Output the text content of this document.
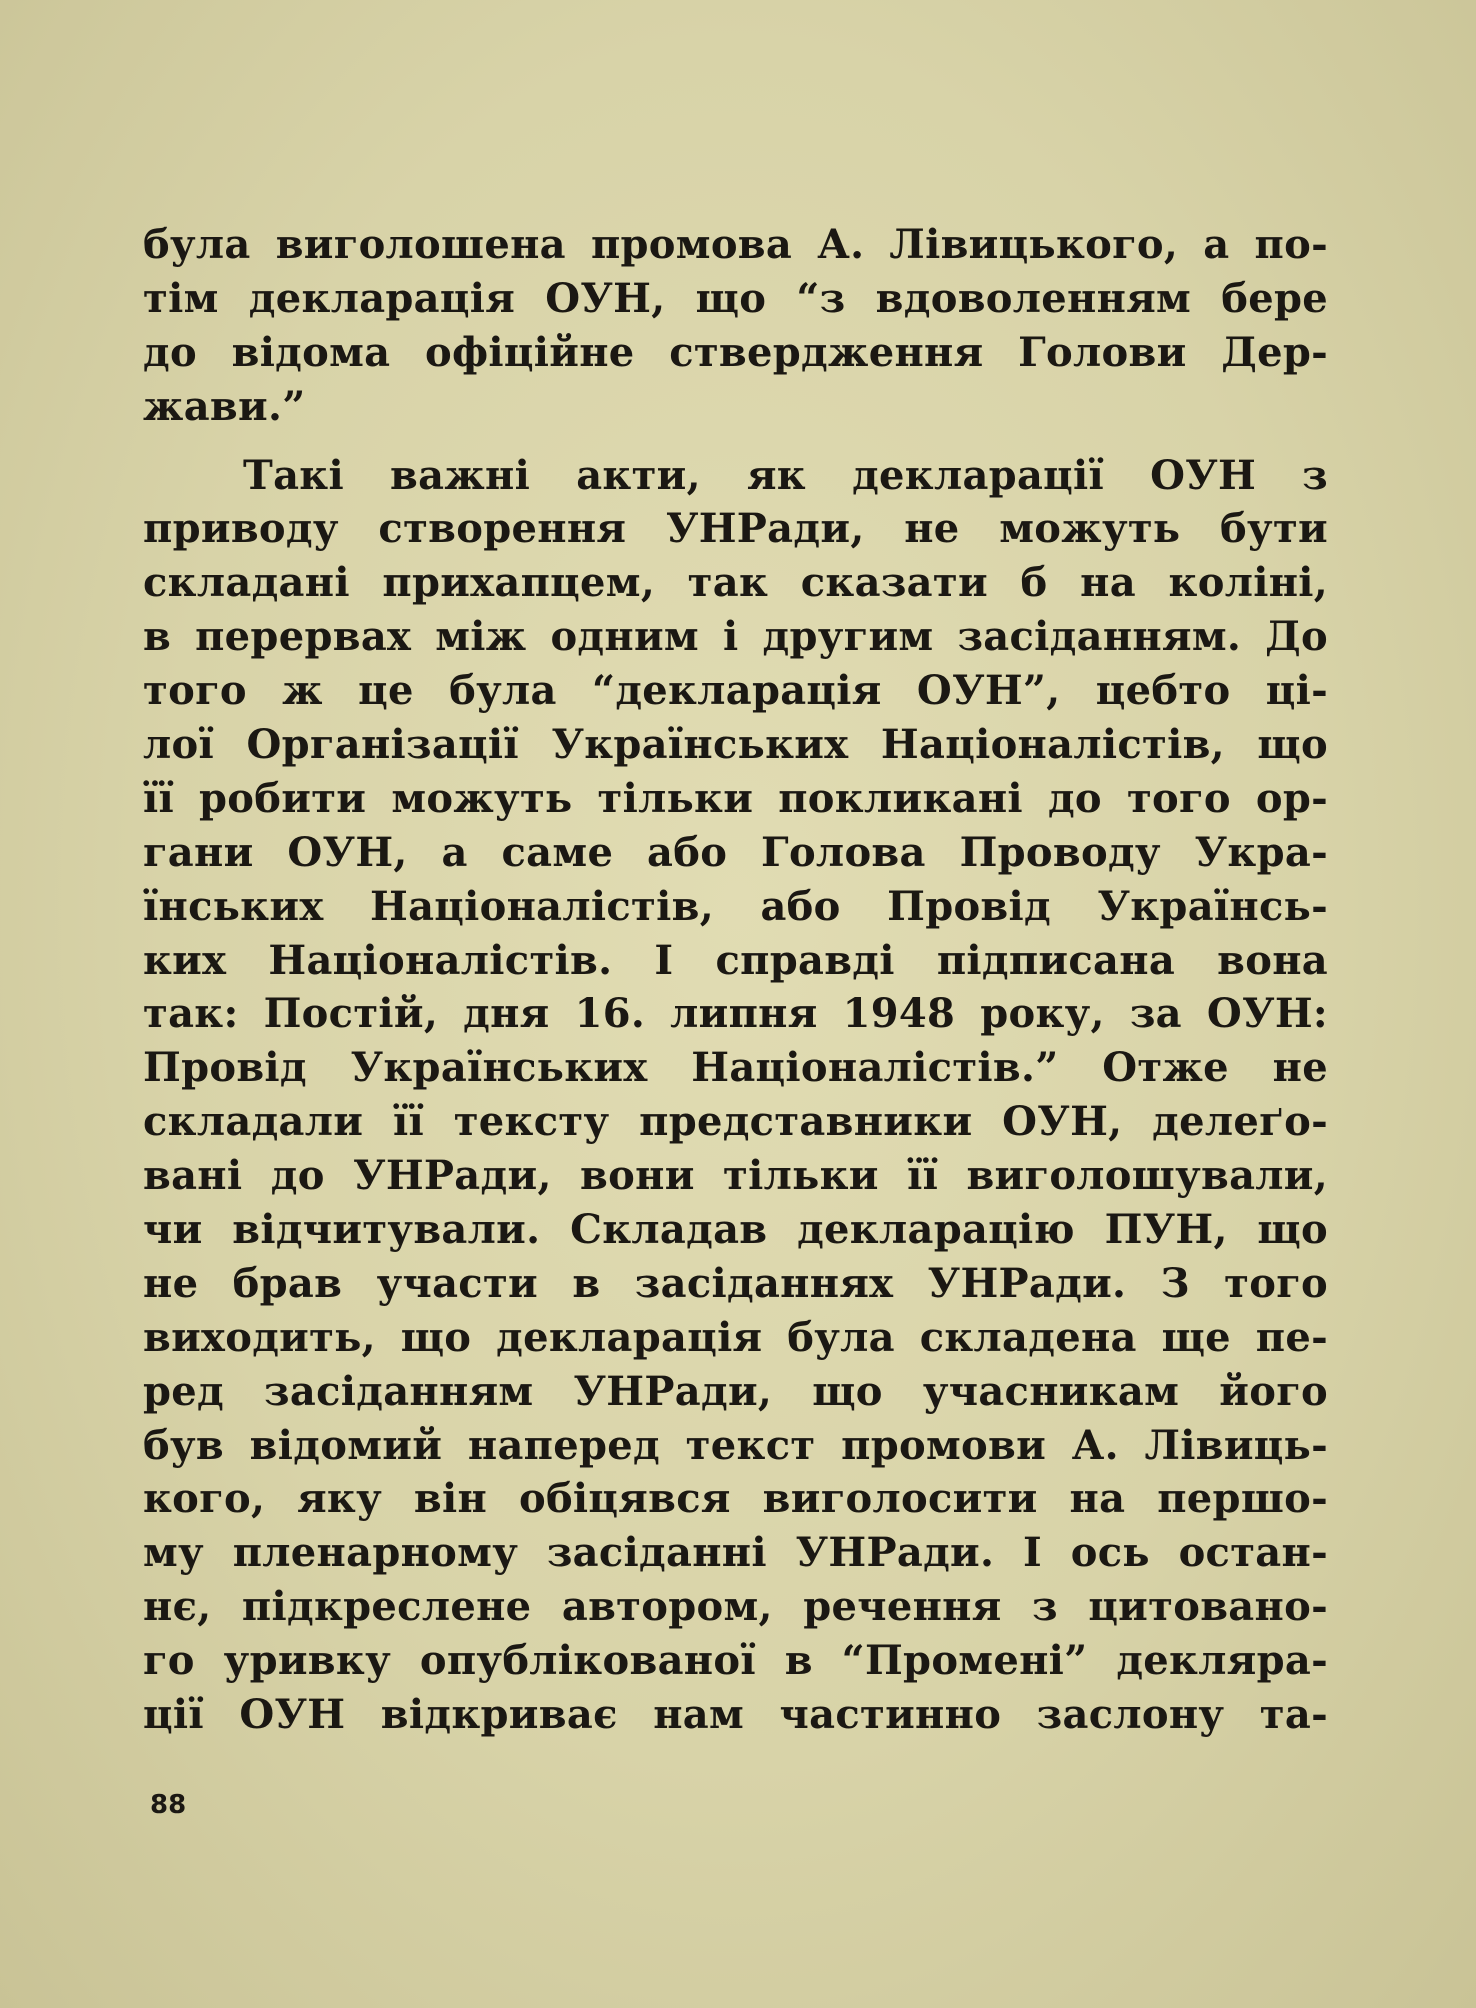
була виголошена промова А. Лівицького, а по-
тім декларація ОУН, що “з вдоволенням бере
до відома офіційне ствердження Голови Дер-
жави.”
Такі важні акти, як декларації ОУН з
приводу створення УНРади, не можуть бути
складані прихапцем, так сказати б на коліні,
в перервах між одним і другим засіданням. До
того ж це була “декларація ОУН”, цебто ці-
лої Організації Українських Націоналістів, що
її робити можуть тільки покликані до того ор-
гани ОУН, а саме або Голова Проводу Укра-
їнських Націоналістів, або Провід Українсь-
ких Націоналістів. І справді підписана вона
так: Постій, дня 16. липня 1948 року, за ОУН:
Провід Українських Націоналістів.” Отже не
складали її тексту представники ОУН, делеґо-
вані до УНРади, вони тільки її виголошували,
чи відчитували. Складав декларацію ПУН, що
не брав участи в засіданнях УНРади. З того
виходить, що декларація була складена ще пе-
ред засіданням УНРади, що учасникам його
був відомий наперед текст промови А. Лівиць-
кого, яку він обіцявся виголосити на першо-
му пленарному засіданні УНРади. І ось остан-
нє, підкреслене автором, речення з цитовано-
го уривку опублікованої в “Промені” декляра-
ції ОУН відкриває нам частинно заслону та-
88
